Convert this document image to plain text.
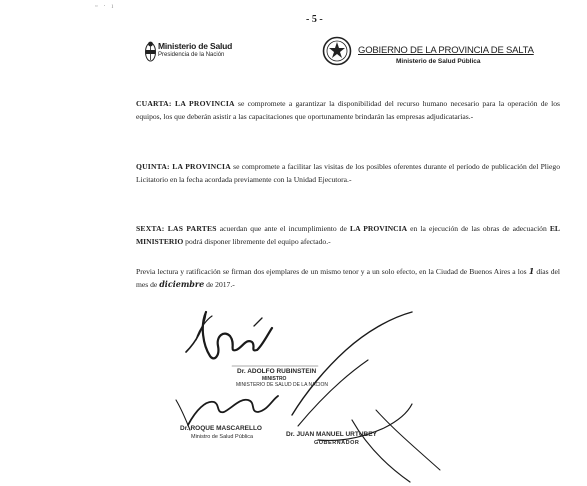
▫ · ı
- 5 -
Ministerio de Salud
Presidencia de la Nación	GOBIERNO DE LA PROVINCIA DE SALTA
Ministerio de Salud Pública

CUARTA: LA PROVINCIA se compromete a garantizar la disponibilidad del recurso humano necesario para la operación de los equipos, los que deberán asistir a las capacitaciones que oportunamente brindarán las empresas adjudicatarias.-

QUINTA: LA PROVINCIA se compromete a facilitar las visitas de los posibles oferentes durante el período de publicación del Pliego Licitatorio en la fecha acordada previamente con la Unidad Ejecutora.-

SEXTA: LAS PARTES acuerdan que ante el incumplimiento de LA PROVINCIA en la ejecución de las obras de adecuación EL MINISTERIO podrá disponer libremente del equipo afectado.-

Previa lectura y ratificación se firman dos ejemplares de un mismo tenor y a un solo efecto, en la Ciudad de Buenos Aires a los 1 días del mes de diciembre de 2017.-

Dr. ADOLFO RUBINSTEIN
MINISTRO
MINISTERIO DE SALUD DE LA NACION
Dr. ROQUE MASCARELLO
Ministro de Salud Pública	Dr. JUAN MANUEL URTUBEY
GOBERNADOR
